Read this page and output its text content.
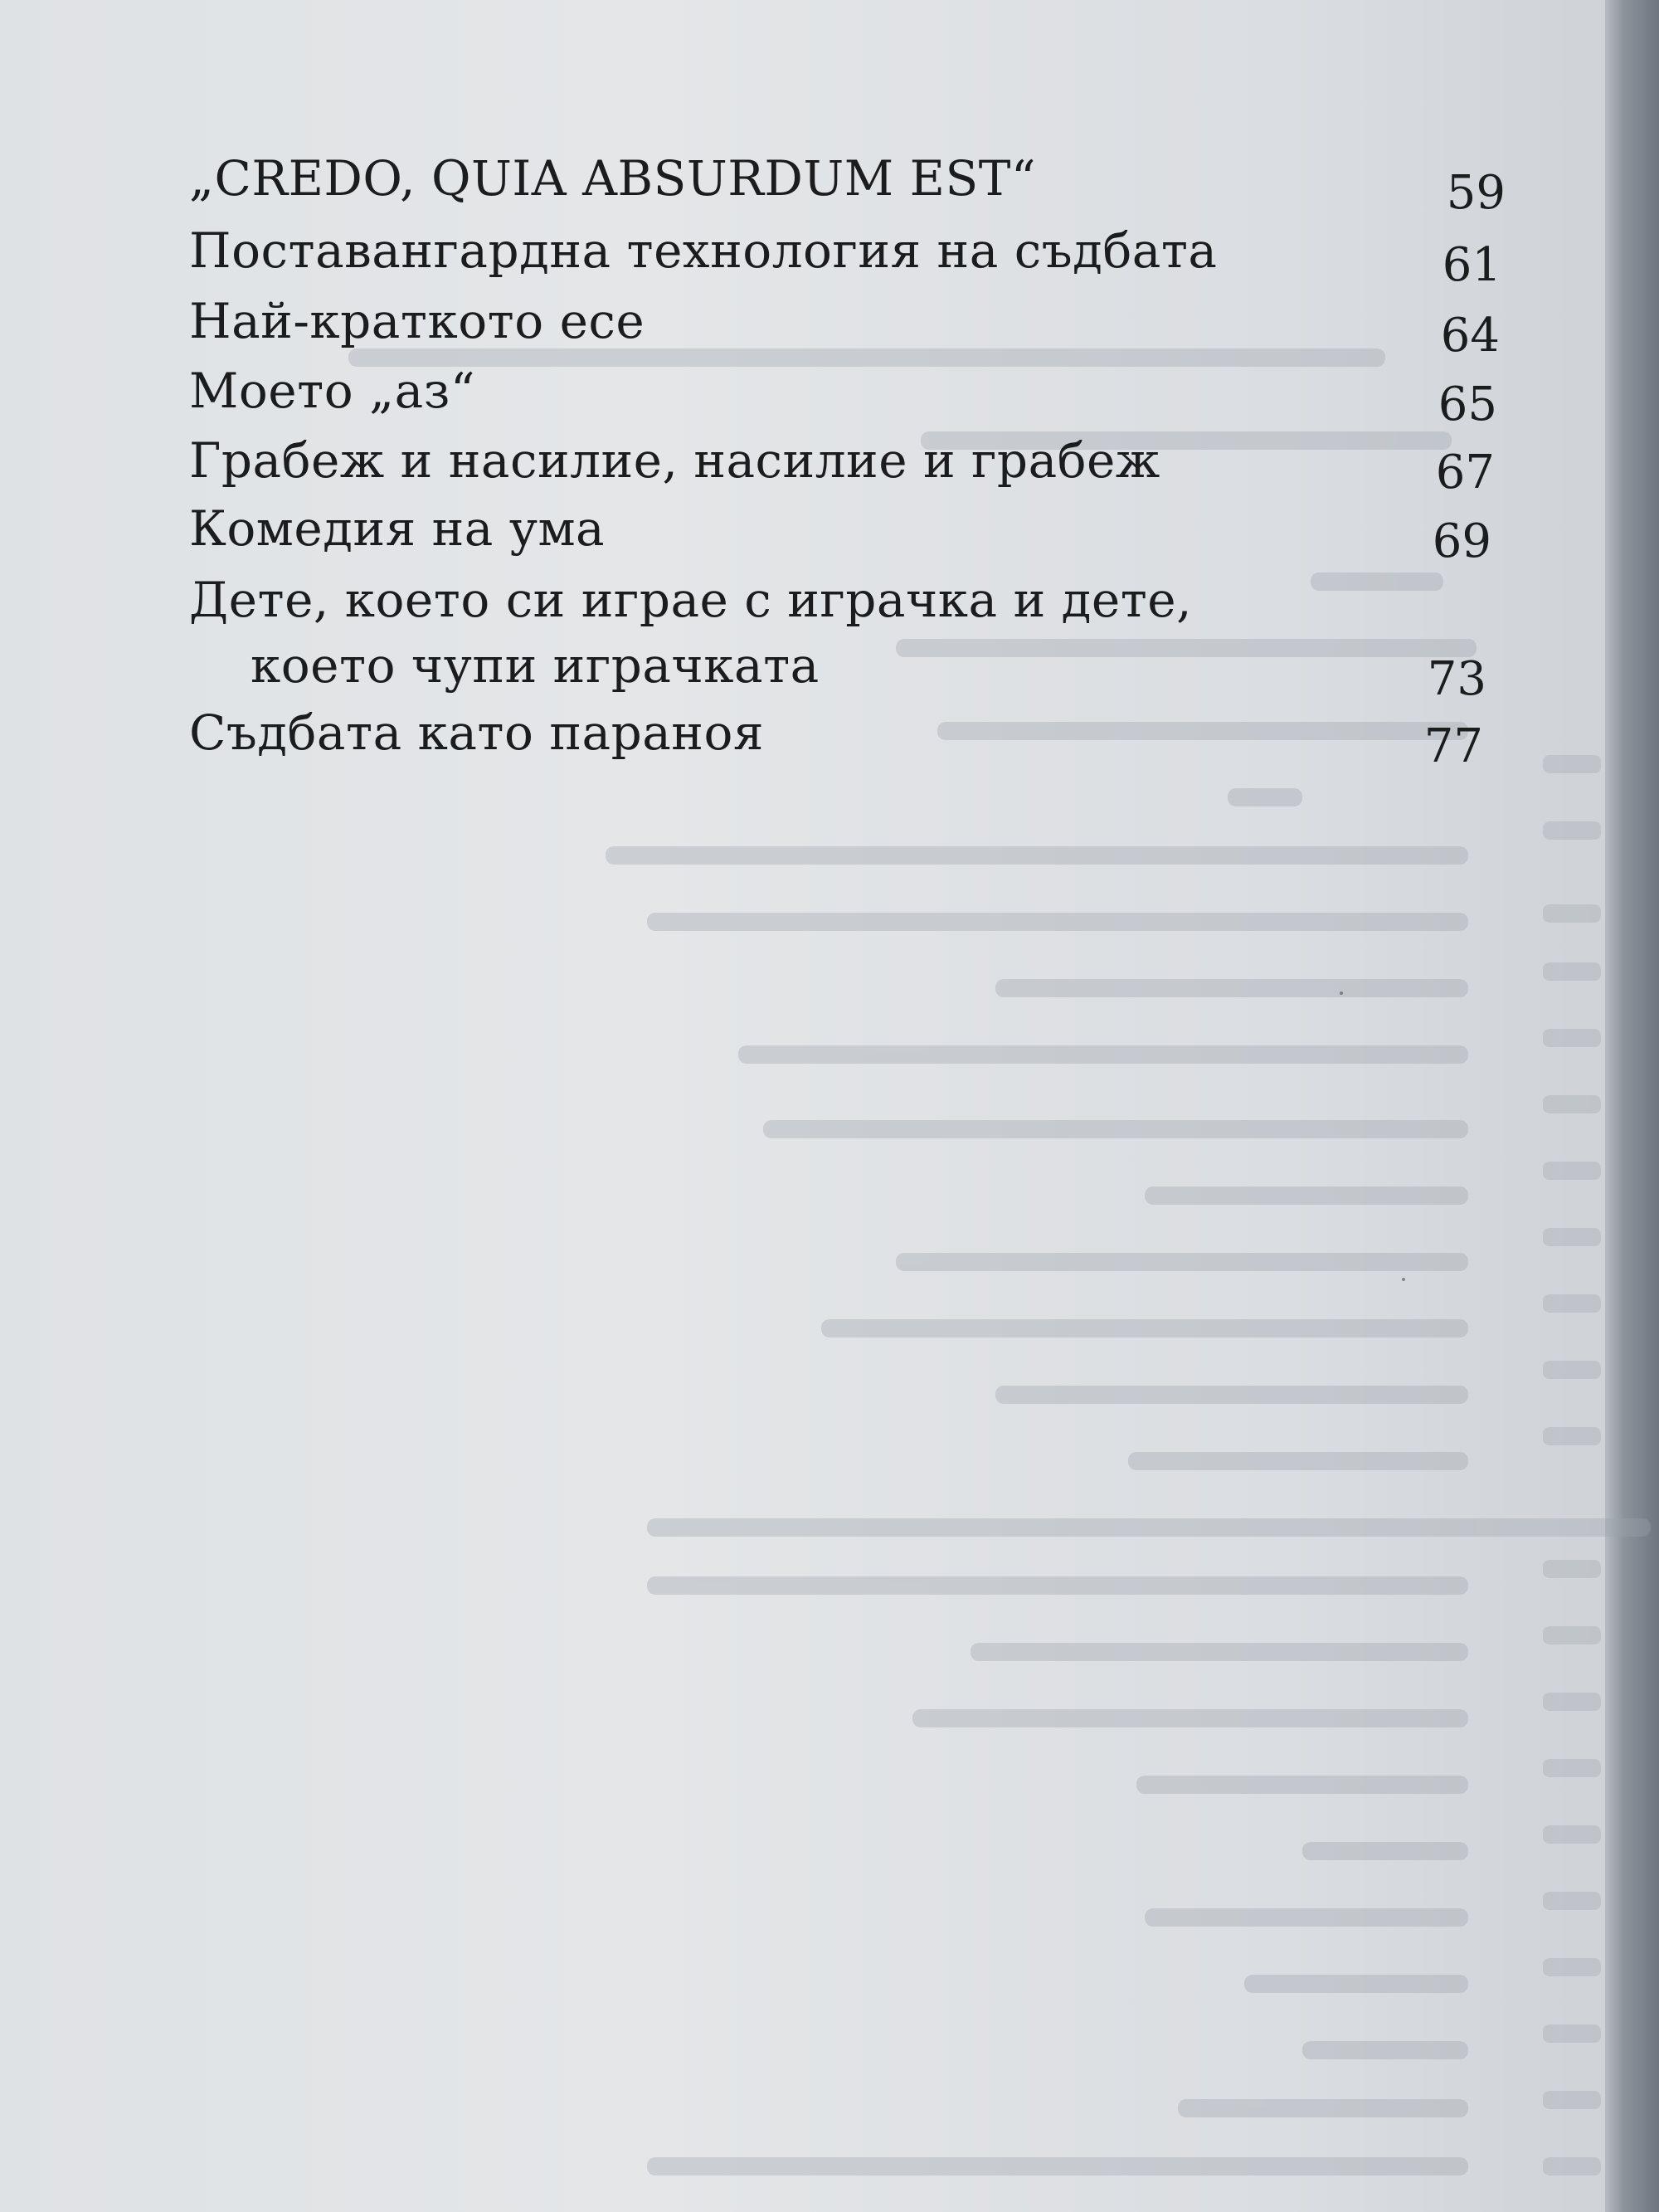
„CREDO, QUIA ABSURDUM EST“	59
Поставангардна технология на съдбата	61
Най-краткото есе	64
Моето „аз“	65
Грабеж и насилие, насилие и грабеж	67
Комедия на ума	69
Дете, което си играе с играчка и дете,
което чупи играчката	73
Съдбата като параноя	77
